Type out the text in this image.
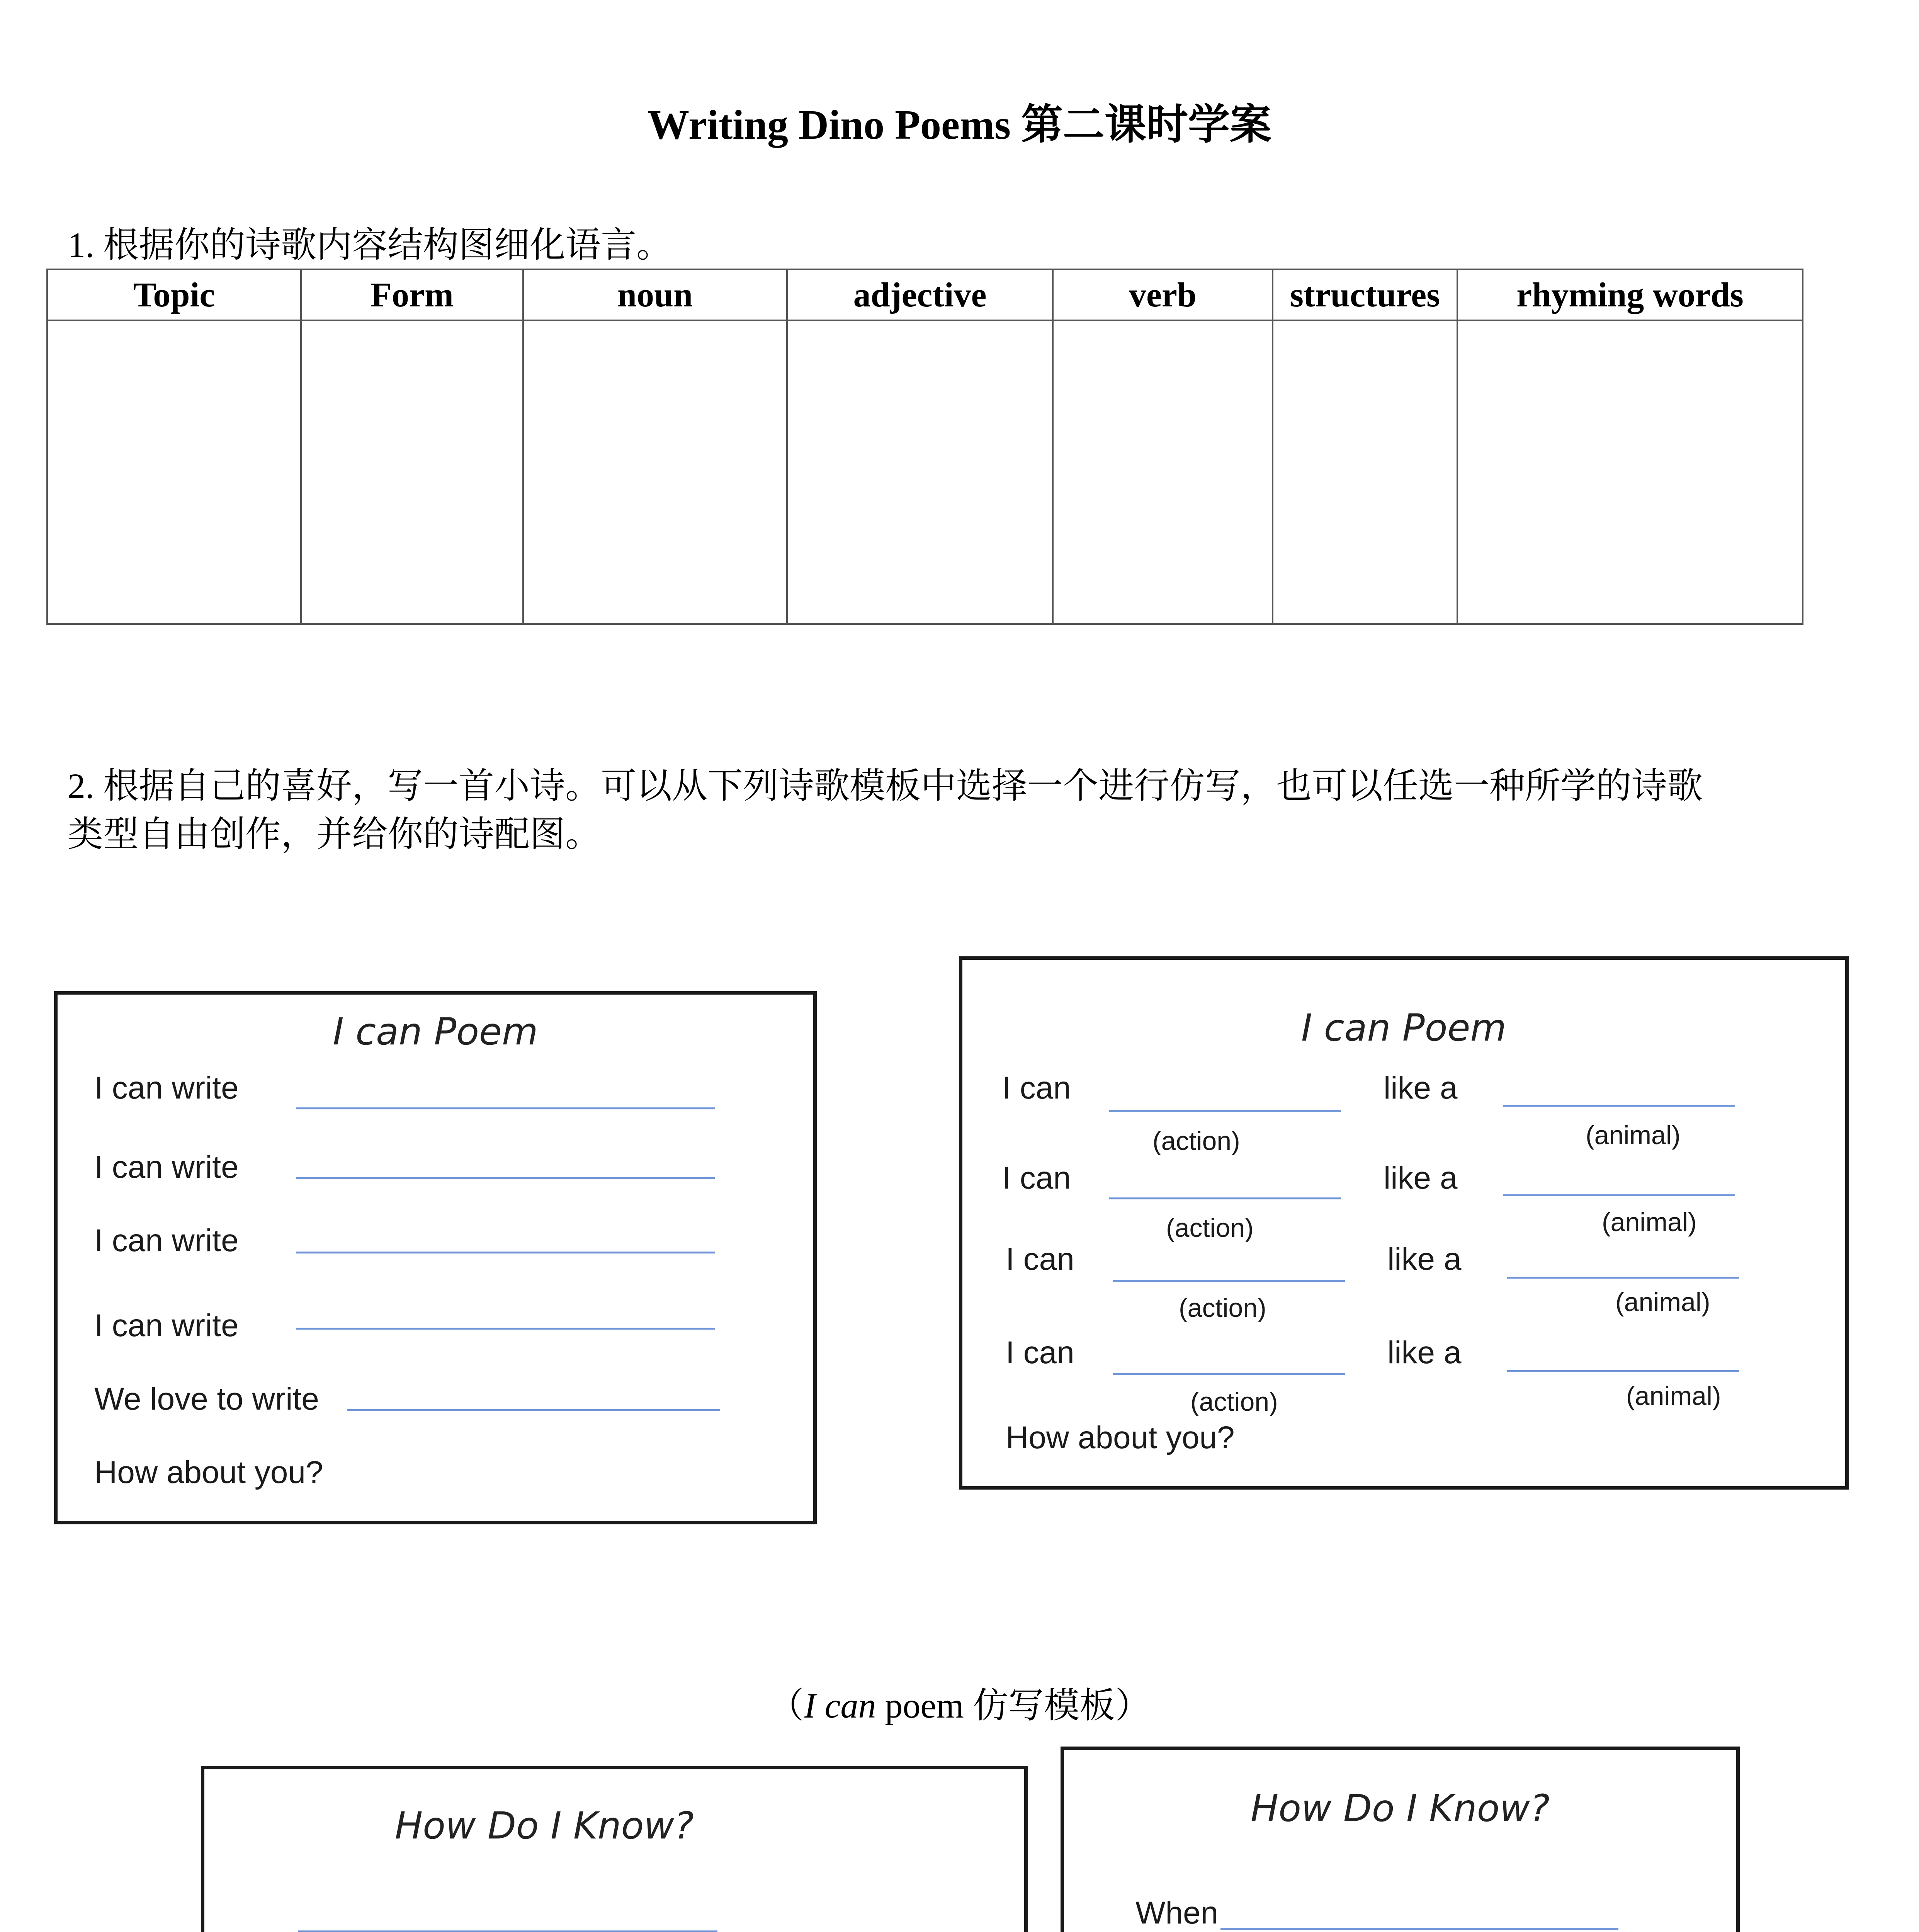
Writing Dino Poems 第二课时学案
1. 根据你的诗歌内容结构图细化语言。
Topic	Form	noun	adjective	verb	structures	rhyming words

2. 根据自己的喜好，写一首小诗。可以从下列诗歌模板中选择一个进行仿写，也可以任选一种所学的诗歌
类型自由创作，并给你的诗配图。
I can Poem
I can write
I can write
I can write
I can write
We love to write
How about you?
I can Poem
I can	like a
(action)	(animal)
I can	like a
(action)	(animal)
I can	like a
(action)	(animal)
I can	like a
(action)	(animal)
How about you?
（I can poem 仿写模板）
How Do I Know?	How Do I Know?
When
